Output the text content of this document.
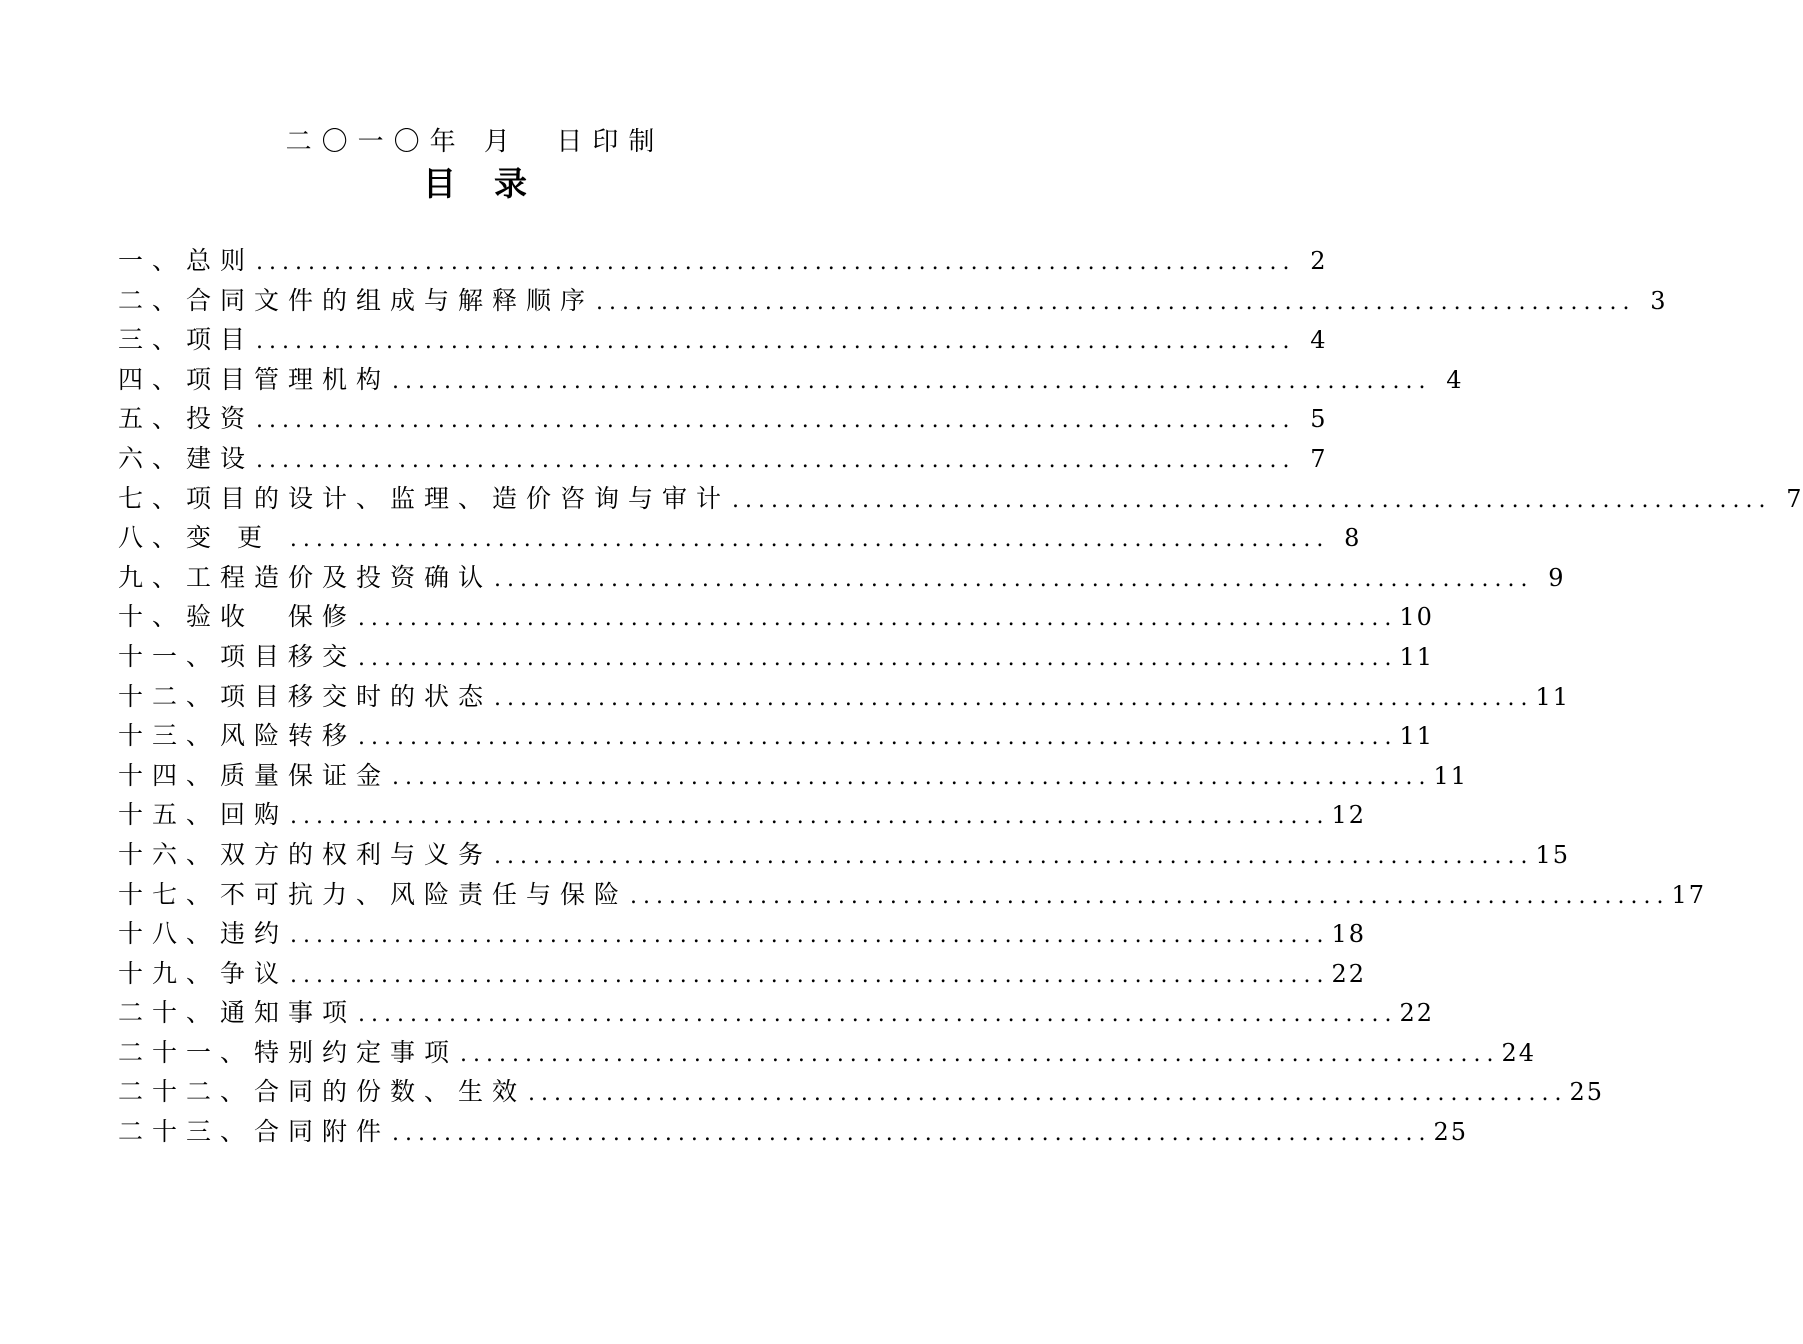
二〇一〇年 月  日印制
目录
一、总则 ................................................................................ 2
二、合同文件的组成与解释顺序 ................................................................................ 3
三、项目 ................................................................................ 4
四、项目管理机构 ................................................................................ 4
五、投资 ................................................................................ 5
六、建设 ................................................................................ 7
七、项目的设计、监理、造价咨询与审计 ................................................................................ 7
八、变 更 ................................................................................ 8
九、工程造价及投资确认 ................................................................................ 9
十、验收  保修 ................................................................................ 10
十一、项目移交 ................................................................................ 11
十二、项目移交时的状态 ................................................................................ 11
十三、风险转移 ................................................................................ 11
十四、质量保证金 ................................................................................ 11
十五、回购 ................................................................................ 12
十六、双方的权利与义务 ................................................................................ 15
十七、不可抗力、风险责任与保险 ................................................................................ 17
十八、违约 ................................................................................ 18
十九、争议 ................................................................................ 22
二十、通知事项 ................................................................................ 22
二十一、特别约定事项 ................................................................................ 24
二十二、合同的份数、生效 ................................................................................ 25
二十三、合同附件 ................................................................................ 25
